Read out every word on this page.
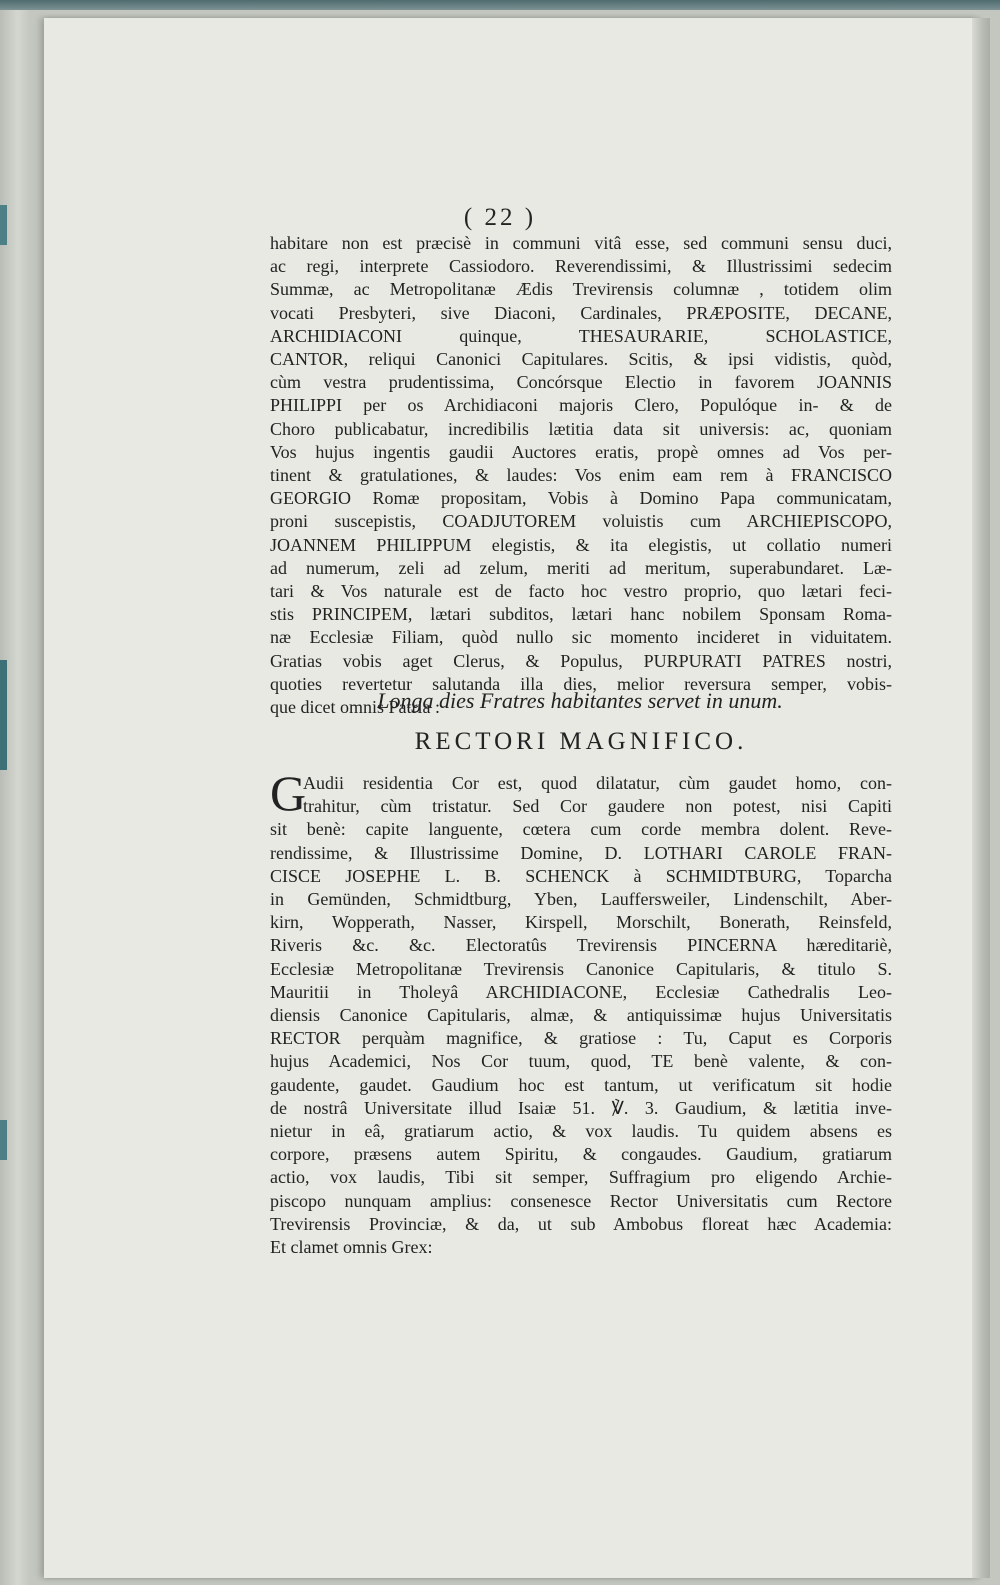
( 22 )
habitare non est præcisè in communi vitâ esse, sed communi sensu duci,
ac regi, interprete Cassiodoro. Reverendissimi, & Illustrissimi sedecim
Summæ, ac Metropolitanæ Ædis Trevirensis columnæ , totidem olim
vocati Presbyteri, sive Diaconi, Cardinales, PRÆPOSITE, DECANE,
ARCHIDIACONI quinque, THESAURARIE, SCHOLASTICE,
CANTOR, reliqui Canonici Capitulares. Scitis, & ipsi vidistis, quòd,
cùm vestra prudentissima, Concórsque Electio in favorem JOANNIS
PHILIPPI per os Archidiaconi majoris Clero, Populóque in- & de
Choro publicabatur, incredibilis lætitia data sit universis: ac, quoniam
Vos hujus ingentis gaudii Auctores eratis, propè omnes ad Vos per-
tinent & gratulationes, & laudes: Vos enim eam rem à FRANCISCO
GEORGIO Romæ propositam, Vobis à Domino Papa communicatam,
proni suscepistis, COADJUTOREM voluistis cum ARCHIEPISCOPO,
JOANNEM PHILIPPUM elegistis, & ita elegistis, ut collatio numeri
ad numerum, zeli ad zelum, meriti ad meritum, superabundaret. Læ-
tari & Vos naturale est de facto hoc vestro proprio, quo lætari feci-
stis PRINCIPEM, lætari subditos, lætari hanc nobilem Sponsam Roma-
næ Ecclesiæ Filiam, quòd nullo sic momento incideret in viduitatem.
Gratias vobis aget Clerus, & Populus, PURPURATI PATRES nostri,
quoties revertetur salutanda illa dies, melior reversura semper, vobis-
que dicet omnis Patria :
Longa dies Fratres habitantes servet in unum.
RECTORI MAGNIFICO.
G
Audii residentia Cor est, quod dilatatur, cùm gaudet homo, con-
trahitur, cùm tristatur. Sed Cor gaudere non potest, nisi Capiti
sit benè: capite languente, cœtera cum corde membra dolent. Reve-
rendissime, & Illustrissime Domine, D. LOTHARI CAROLE FRAN-
CISCE JOSEPHE L. B. SCHENCK à SCHMIDTBURG, Toparcha
in Gemünden, Schmidtburg, Yben, Lauffersweiler, Lindenschilt, Aber-
kirn, Wopperath, Nasser, Kirspell, Morschilt, Bonerath, Reinsfeld,
Riveris &c. &c. Electoratûs Trevirensis PINCERNA hæreditariè,
Ecclesiæ Metropolitanæ Trevirensis Canonice Capitularis, & titulo S.
Mauritii in Tholeyâ ARCHIDIACONE, Ecclesiæ Cathedralis Leo-
diensis Canonice Capitularis, almæ, & antiquissimæ hujus Universitatis
RECTOR perquàm magnifice, & gratiose : Tu, Caput es Corporis
hujus Academici, Nos Cor tuum, quod, TE benè valente, & con-
gaudente, gaudet. Gaudium hoc est tantum, ut verificatum sit hodie
de nostrâ Universitate illud Isaiæ 51. ℣. 3. Gaudium, & lætitia inve-
nietur in eâ, gratiarum actio, & vox laudis. Tu quidem absens es
corpore, præsens autem Spiritu, & congaudes. Gaudium, gratiarum
actio, vox laudis, Tibi sit semper, Suffragium pro eligendo Archie-
piscopo nunquam amplius: consenesce Rector Universitatis cum Rectore
Trevirensis Provinciæ, & da, ut sub Ambobus floreat hæc Academia:
Et clamet omnis Grex:
